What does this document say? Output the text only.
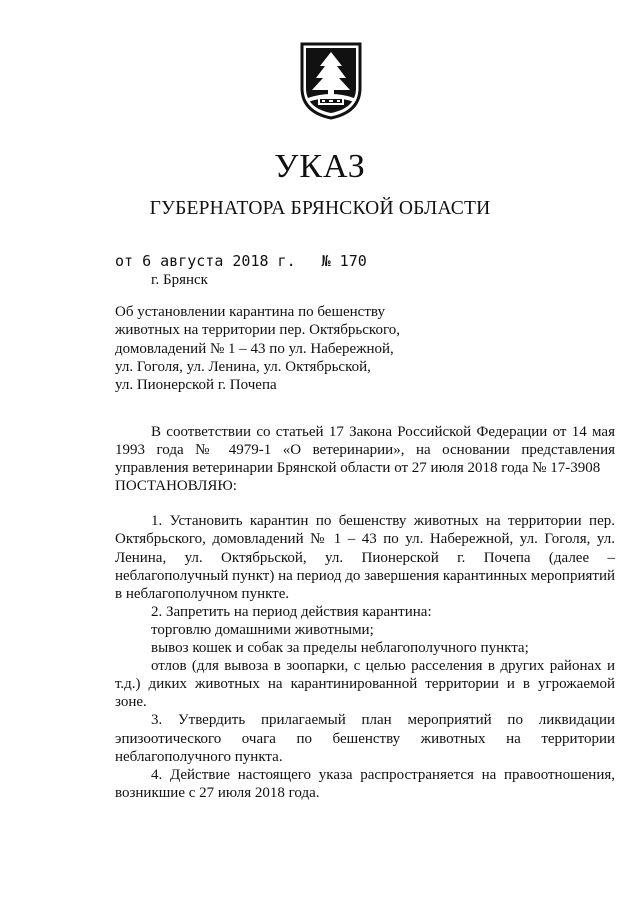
УКАЗ
ГУБЕРНАТОРА БРЯНСКОЙ ОБЛАСТИ
от 6 августа 2018 г. № 170
г. Брянск
Об установлении карантина по бешенству
животных на территории пер. Октябрьского,
домовладений № 1 – 43 по ул. Набережной,
ул. Гоголя, ул. Ленина, ул. Октябрьской,
ул. Пионерской г. Почепа

В соответствии со статьей 17 Закона Российской Федерации от 14 мая 1993 года № 4979-1 «О ветеринарии», на основании представления управления ветеринарии Брянской области от 27 июля 2018 года № 17-3908

ПОСТАНОВЛЯЮ:

1. Установить карантин по бешенству животных на территории пер. Октябрьского, домовладений № 1 – 43 по ул. Набережной, ул. Гоголя, ул. Ленина, ул. Октябрьской, ул. Пионерской г. Почепа (далее – неблагополучный пункт) на период до завершения карантинных мероприятий в неблагополучном пункте.

2. Запретить на период действия карантина:

торговлю домашними животными;

вывоз кошек и собак за пределы неблагополучного пункта;

отлов (для вывоза в зоопарки, с целью расселения в других районах и т.д.) диких животных на карантинированной территории и в угрожаемой зоне.

3. Утвердить прилагаемый план мероприятий по ликвидации эпизоотического очага по бешенству животных на территории неблагополучного пункта.

4. Действие настоящего указа распространяется на правоотношения, возникшие с 27 июля 2018 года.
